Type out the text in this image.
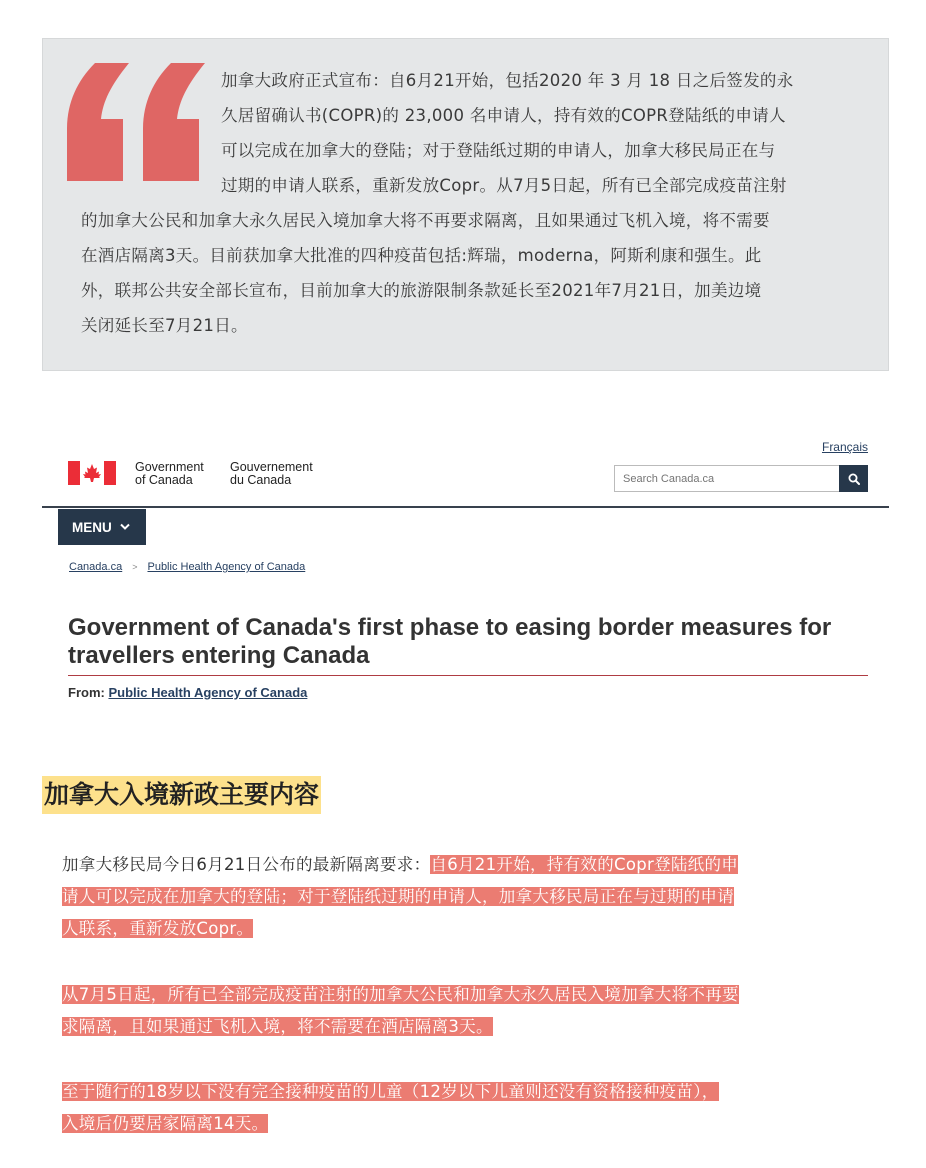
加拿大政府正式宣布：自6月21开始，包括2020 年 3 月 18 日之后签发的永
久居留确认书(COPR)的 23,000 名申请人，持有效的COPR登陆纸的申请人
可以完成在加拿大的登陆；对于登陆纸过期的申请人，加拿大移民局正在与
过期的申请人联系，重新发放Copr。从7月5日起，所有已全部完成疫苗注射
的加拿大公民和加拿大永久居民入境加拿大将不再要求隔离，且如果通过飞机入境，将不需要
在酒店隔离3天。目前获加拿大批准的四种疫苗包括:辉瑞，moderna，阿斯利康和强生。此
外，联邦公共安全部长宣布，目前加拿大的旅游限制条款延长至2021年7月21日，加美边境
关闭延长至7月21日。
Français
Government
of Canada
Gouvernement
du Canada
Search Canada.ca
MENU
Canada.ca > Public Health Agency of Canada
Government of Canada's first phase to easing border measures for
travellers entering Canada
From: Public Health Agency of Canada
加拿大入境新政主要内容
加拿大移民局今日6月21日公布的最新隔离要求：自6月21开始，持有效的Copr登陆纸的申
请人可以完成在加拿大的登陆；对于登陆纸过期的申请人，加拿大移民局正在与过期的申请
人联系，重新发放Copr。
从7月5日起，所有已全部完成疫苗注射的加拿大公民和加拿大永久居民入境加拿大将不再要
求隔离，且如果通过飞机入境，将不需要在酒店隔离3天。
至于随行的18岁以下没有完全接种疫苗的儿童（12岁以下儿童则还没有资格接种疫苗），
入境后仍要居家隔离14天。
